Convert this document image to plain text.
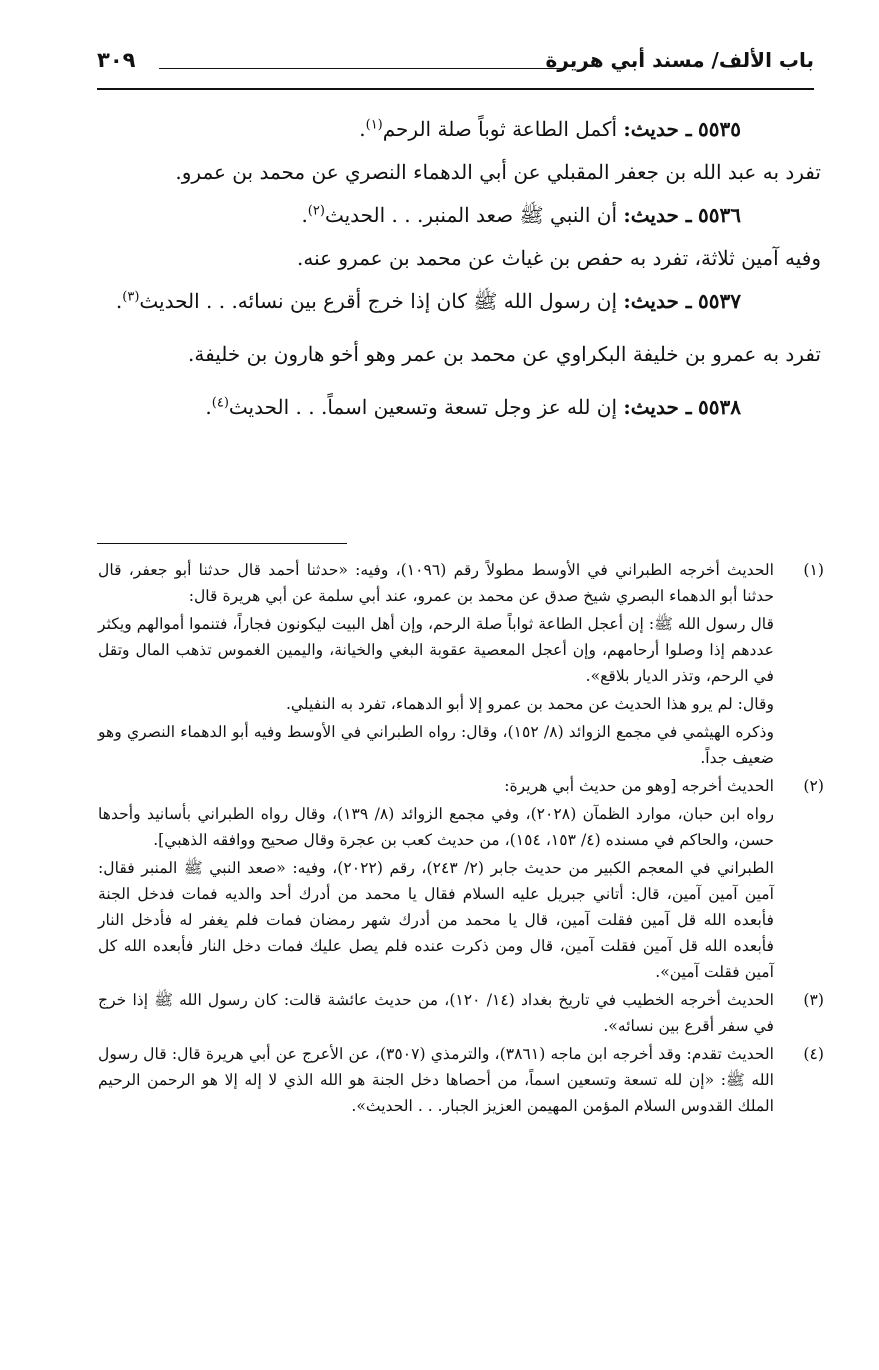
باب الألف/ مسند أبي هريرة
٣٠٩

٥٥٣٥ ـ حديث: أكمل الطاعة ثوباً صلة الرحم$^{(١)}$.

تفرد به عبد الله بن جعفر المقبلي عن أبي الدهماء النصري عن محمد بن عمرو.

٥٥٣٦ ـ حديث: أن النبي ﷺ صعد المنبر. . . الحديث$^{(٢)}$.

وفيه آمين ثلاثة، تفرد به حفص بن غياث عن محمد بن عمرو عنه.

٥٥٣٧ ـ حديث: إن رسول الله ﷺ كان إذا خرج أقرع بين نسائه. . . الحديث$^{(٣)}$.

تفرد به عمرو بن خليفة البكراوي عن محمد بن عمر وهو أخو هارون بن خليفة.

٥٥٣٨ ـ حديث: إن لله عز وجل تسعة وتسعين اسماً. . . الحديث$^{(٤)}$.

(١)

الحديث أخرجه الطبراني في الأوسط مطولاً رقم (١٠٩٦)، وفيه: «حدثنا أحمد قال حدثنا أبو جعفر، قال حدثنا أبو الدهماء البصري شيخ صدق عن محمد بن عمرو، عند أبي سلمة عن أبي هريرة قال:

قال رسول الله ﷺ: إن أعجل الطاعة ثواباً صلة الرحم، وإن أهل البيت ليكونون فجاراً، فتنموا أموالهم ويكثر عددهم إذا وصلوا أرحامهم، وإن أعجل المعصية عقوبة البغي والخيانة، واليمين الغموس تذهب المال وتقل في الرحم، وتذر الديار بلاقع».

وقال: لم يرو هذا الحديث عن محمد بن عمرو إلا أبو الدهماء، تفرد به النفيلي.

وذكره الهيثمي في مجمع الزوائد (٨/ ١٥٢)، وقال: رواه الطبراني في الأوسط وفيه أبو الدهماء النصري وهو ضعيف جداً.

(٢)

الحديث أخرجه [وهو من حديث أبي هريرة:

رواه ابن حبان، موارد الظمآن (٢٠٢٨)، وفي مجمع الزوائد (٨/ ١٣٩)، وقال رواه الطبراني بأسانيد وأحدها حسن، والحاكم في مسنده (٤/ ١٥٣، ١٥٤)، من حديث كعب بن عجرة وقال صحيح ووافقه الذهبي].

الطبراني في المعجم الكبير من حديث جابر (٢/ ٢٤٣)، رقم (٢٠٢٢)، وفيه: «صعد النبي ﷺ المنبر فقال: آمين آمين آمين، قال: أتاني جبريل عليه السلام فقال يا محمد من أدرك أحد والديه فمات فدخل الجنة فأبعده الله قل آمين فقلت آمين، قال يا محمد من أدرك شهر رمضان فمات فلم يغفر له فأدخل النار فأبعده الله قل آمين فقلت آمين، قال ومن ذكرت عنده فلم يصل عليك فمات دخل النار فأبعده الله كل آمين فقلت آمين».

(٣)

الحديث أخرجه الخطيب في تاريخ بغداد (١٤/ ١٢٠)، من حديث عائشة قالت: كان رسول الله ﷺ إذا خرج في سفر أقرع بين نسائه».

(٤)

الحديث تقدم: وقد أخرجه ابن ماجه (٣٨٦١)، والترمذي (٣٥٠٧)، عن الأعرج عن أبي هريرة قال: قال رسول الله ﷺ: «إن لله تسعة وتسعين اسماً، من أحصاها دخل الجنة هو الله الذي لا إله إلا هو الرحمن الرحيم الملك القدوس السلام المؤمن المهيمن العزيز الجبار. . . الحديث».
